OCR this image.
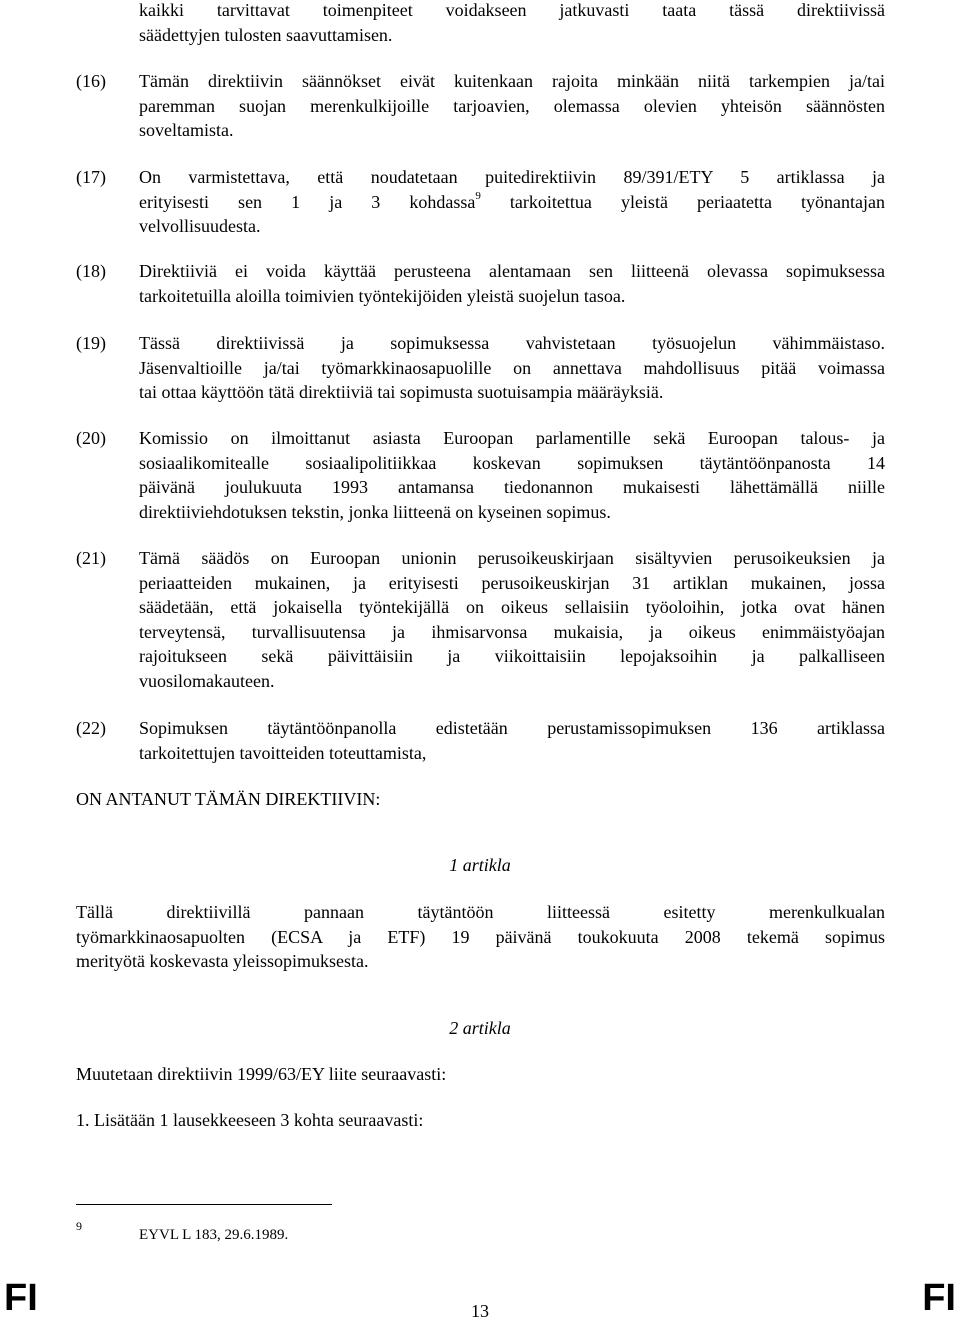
kaikki tarvittavat toimenpiteet voidakseen jatkuvasti taata tässä direktiivissä
säädettyjen tulosten saavuttamisen.

(16) Tämän direktiivin säännökset eivät kuitenkaan rajoita minkään niitä tarkempien ja/tai
paremman suojan merenkulkijoille tarjoavien, olemassa olevien yhteisön säännösten
soveltamista.

(17) On varmistettava, että noudatetaan puitedirektiivin 89/391/ETY 5 artiklassa ja
erityisesti sen 1 ja 3 kohdassa$^9$ tarkoitettua yleistä periaatetta työnantajan
velvollisuudesta.

(18) Direktiiviä ei voida käyttää perusteena alentamaan sen liitteenä olevassa sopimuksessa
tarkoitetuilla aloilla toimivien työntekijöiden yleistä suojelun tasoa.

(19) Tässä direktiivissä ja sopimuksessa vahvistetaan työsuojelun vähimmäistaso.
Jäsenvaltioille ja/tai työmarkkinaosapuolille on annettava mahdollisuus pitää voimassa
tai ottaa käyttöön tätä direktiiviä tai sopimusta suotuisampia määräyksiä.

(20) Komissio on ilmoittanut asiasta Euroopan parlamentille sekä Euroopan talous- ja
sosiaalikomitealle sosiaalipolitiikkaa koskevan sopimuksen täytäntöönpanosta 14
päivänä joulukuuta 1993 antamansa tiedonannon mukaisesti lähettämällä niille
direktiiviehdotuksen tekstin, jonka liitteenä on kyseinen sopimus.

(21) Tämä säädös on Euroopan unionin perusoikeuskirjaan sisältyvien perusoikeuksien ja
periaatteiden mukainen, ja erityisesti perusoikeuskirjan 31 artiklan mukainen, jossa
säädetään, että jokaisella työntekijällä on oikeus sellaisiin työoloihin, jotka ovat hänen
terveytensä, turvallisuutensa ja ihmisarvonsa mukaisia, ja oikeus enimmäistyöajan
rajoitukseen sekä päivittäisiin ja viikoittaisiin lepojaksoihin ja palkalliseen
vuosilomakauteen.

(22) Sopimuksen täytäntöönpanolla edistetään perustamissopimuksen 136 artiklassa
tarkoitettujen tavoitteiden toteuttamista,
ON ANTANUT TÄMÄN DIREKTIIVIN:
1 artikla
Tällä direktiivillä pannaan täytäntöön liitteessä esitetty merenkulkualan
työmarkkinaosapuolten (ECSA ja ETF) 19 päivänä toukokuuta 2008 tekemä sopimus
merityötä koskevasta yleissopimuksesta.
2 artikla
Muutetaan direktiivin 1999/63/EY liite seuraavasti:
1. Lisätään 1 lausekkeeseen 3 kohta seuraavasti:
9
EYVL L 183, 29.6.1989.
FI	13	FI
